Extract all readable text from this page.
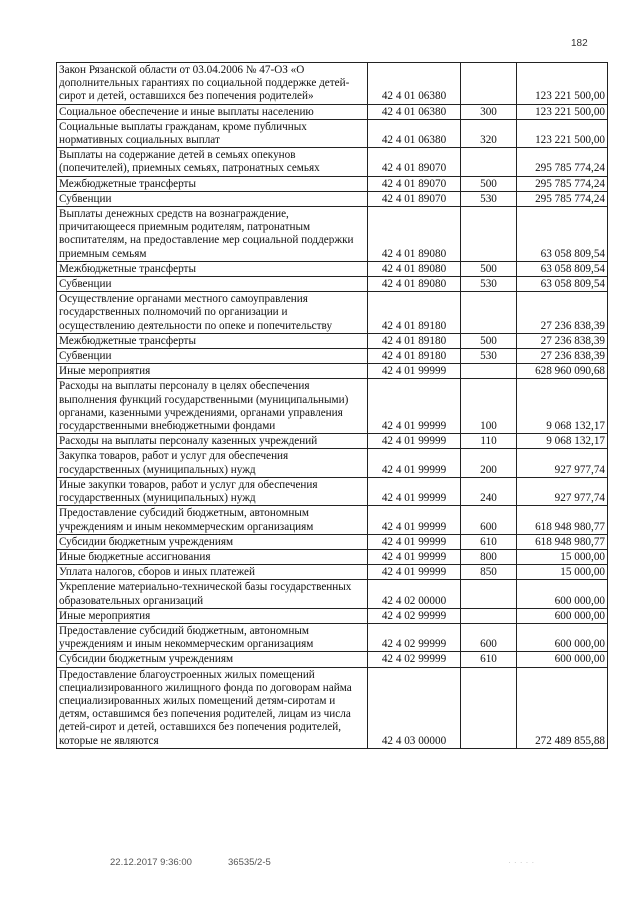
182
Закон Рязанской области от 03.04.2006 № 47-ОЗ «О дополнительных гарантиях по социальной поддержке детей-сирот и детей, оставшихся без попечения родителей»	42 4 01 06380		123 221 500,00
Социальное обеспечение и иные выплаты населению	42 4 01 06380	300	123 221 500,00
Социальные выплаты гражданам, кроме публичных нормативных социальных выплат	42 4 01 06380	320	123 221 500,00
Выплаты на содержание детей в семьях опекунов (попечителей), приемных семьях, патронатных семьях	42 4 01 89070		295 785 774,24
Межбюджетные трансферты	42 4 01 89070	500	295 785 774,24
Субвенции	42 4 01 89070	530	295 785 774,24
Выплаты денежных средств на вознаграждение, причитающееся приемным родителям, патронатным воспитателям, на предоставление мер социальной поддержки приемным семьям	42 4 01 89080		63 058 809,54
Межбюджетные трансферты	42 4 01 89080	500	63 058 809,54
Субвенции	42 4 01 89080	530	63 058 809,54
Осуществление органами местного самоуправления государственных полномочий по организации и осуществлению деятельности по опеке и попечительству	42 4 01 89180		27 236 838,39
Межбюджетные трансферты	42 4 01 89180	500	27 236 838,39
Субвенции	42 4 01 89180	530	27 236 838,39
Иные мероприятия	42 4 01 99999		628 960 090,68
Расходы на выплаты персоналу в целях обеспечения выполнения функций государственными (муниципальными) органами, казенными учреждениями, органами управления государственными внебюджетными фондами	42 4 01 99999	100	9 068 132,17
Расходы на выплаты персоналу казенных учреждений	42 4 01 99999	110	9 068 132,17
Закупка товаров, работ и услуг для обеспечения государственных (муниципальных) нужд	42 4 01 99999	200	927 977,74
Иные закупки товаров, работ и услуг для обеспечения государственных (муниципальных) нужд	42 4 01 99999	240	927 977,74
Предоставление субсидий бюджетным, автономным учреждениям и иным некоммерческим организациям	42 4 01 99999	600	618 948 980,77
Субсидии бюджетным учреждениям	42 4 01 99999	610	618 948 980,77
Иные бюджетные ассигнования	42 4 01 99999	800	15 000,00
Уплата налогов, сборов и иных платежей	42 4 01 99999	850	15 000,00
Укрепление материально-технической базы государственных образовательных организаций	42 4 02 00000		600 000,00
Иные мероприятия	42 4 02 99999		600 000,00
Предоставление субсидий бюджетным, автономным учреждениям и иным некоммерческим организациям	42 4 02 99999	600	600 000,00
Субсидии бюджетным учреждениям	42 4 02 99999	610	600 000,00
Предоставление благоустроенных жилых помещений специализированного жилищного фонда по договорам найма специализированных жилых помещений детям-сиротам и детям, оставшимся без попечения родителей, лицам из числа детей-сирот и детей, оставшихся без попечения родителей, которые не являются	42 4 03 00000		272 489 855,88
22.12.2017 9:36:00	36535/2-5	· · · · ·
